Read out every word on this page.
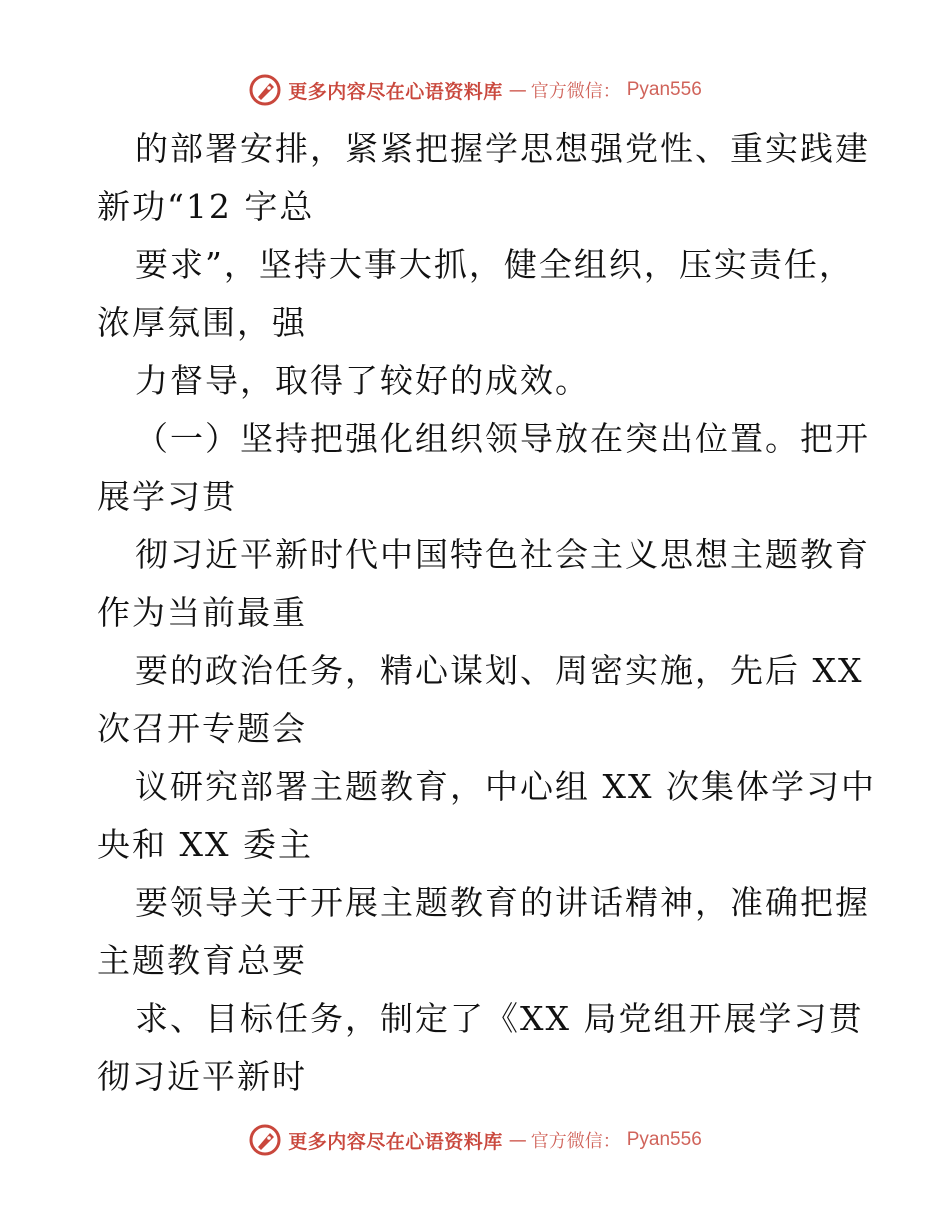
更多内容尽在心语资料库 — 官方微信： Pyan556
的部署安排，紧紧把握学思想强党性、重实践建
新功“12 字总
要求”，坚持大事大抓，健全组织，压实责任，
浓厚氛围，强
力督导，取得了较好的成效。
（一）坚持把强化组织领导放在突出位置。把开
展学习贯
彻习近平新时代中国特色社会主义思想主题教育
作为当前最重
要的政治任务，精心谋划、周密实施，先后 XX
次召开专题会
议研究部署主题教育，中心组 XX 次集体学习中
央和 XX 委主
要领导关于开展主题教育的讲话精神，准确把握
主题教育总要
求、目标任务，制定了《XX 局党组开展学习贯
彻习近平新时
更多内容尽在心语资料库 — 官方微信： Pyan556
